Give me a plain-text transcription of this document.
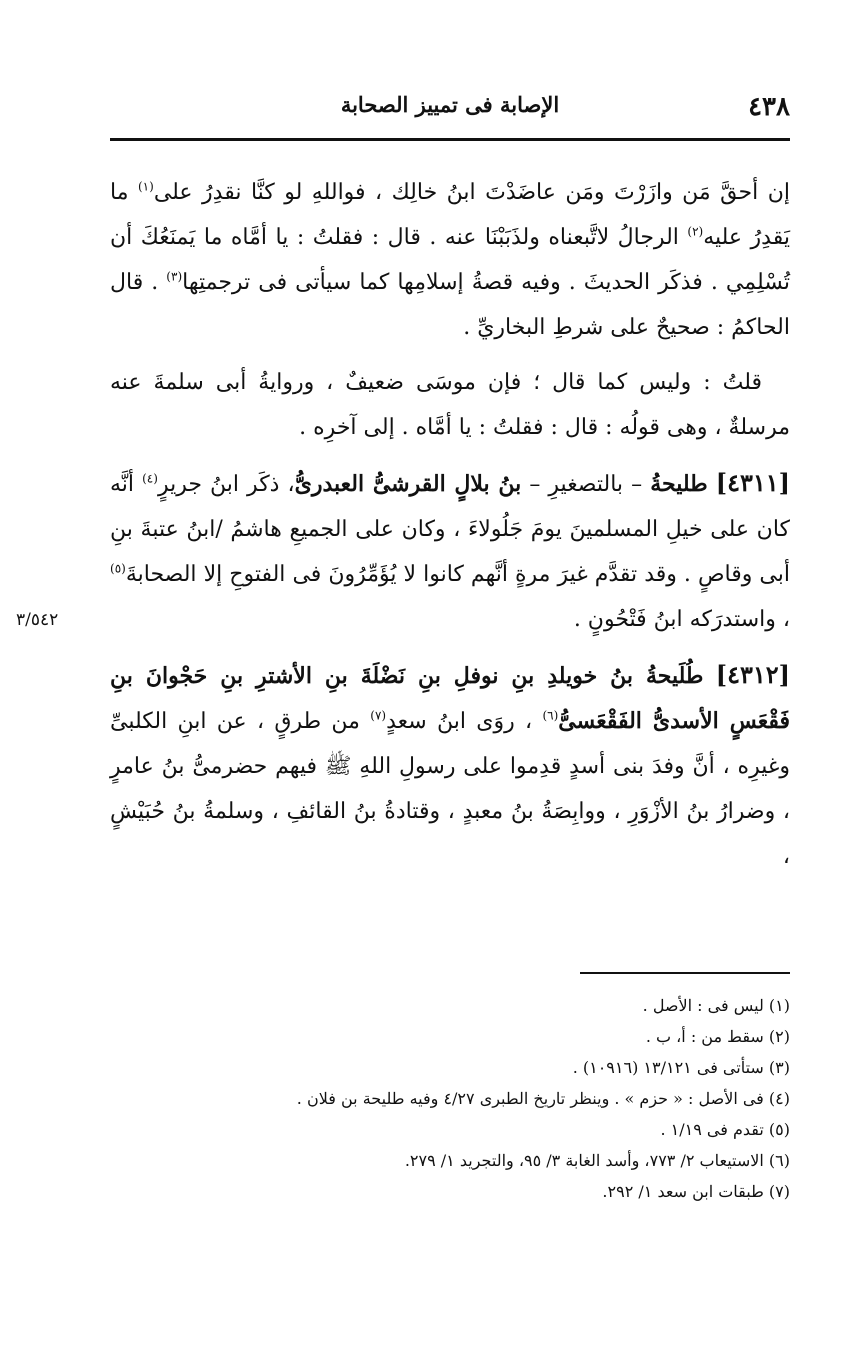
٤٣٨
الإصابة فى تمييز الصحابة

إن أحقَّ مَن وازَرْتَ ومَن عاضَدْتَ ابنُ خالِك ، فواللهِ لو كنَّا نقدِرُ على$^{(١)}$ ما يَقدِرُ عليه$^{(٢)}$ الرجالُ لاتَّبعناه ولذَبَبْنَا عنه . قال : فقلتُ : يا أمَّاه ما يَمنَعُكَ أن تُسْلِمِي . فذكَر الحديثَ . وفيه قصةُ إسلامِها كما سيأتى فى ترجمتِها$^{(٣)}$ . قال الحاكمُ : صحيحٌ على شرطِ البخاريِّ .

قلتُ : وليس كما قال ؛ فإن موسَى ضعيفٌ ، وروايةُ أبى سلمةَ عنه مرسلةٌ ، وهى قولُه : قال : فقلتُ : يا أمَّاه . إلى آخرِه .

[٤٣١١] طليحةُ – بالتصغيرِ – بنُ بلالٍ القرشىُّ العبدرىُّ، ذكَر ابنُ جريرٍ$^{(٤)}$ أنَّه كان على خيلِ المسلمينَ يومَ جَلُولاءَ ، وكان على الجميعِ هاشمُ /ابنُ عتبةَ بنِ أبى وقاصٍ . وقد تقدَّم غيرَ مرةٍ أنَّهم كانوا لا يُؤَمِّرُونَ فى الفتوحِ إلا الصحابةَ$^{(٥)}$ ، واستدرَكه ابنُ فَتْحُونٍ .

[٤٣١٢] طُلَيحةُ بنُ خويلدِ بنِ نوفلِ بنِ نَضْلَةَ بنِ الأشترِ بنِ حَجْوانَ بنِ فَقْعَسٍ الأسدىُّ الفَقْعَسىُّ$^{(٦)}$ ، روَى ابنُ سعدٍ$^{(٧)}$ من طرقٍ ، عن ابنِ الكلبىِّ وغيرِه ، أنَّ وفدَ بنى أسدٍ قدِموا على رسولِ اللهِ ﷺ فيهم حضرمىُّ بنُ عامرٍ ، وضرارُ بنُ الأزْوَرِ ، ووابِصَةُ بنُ معبدٍ ، وقتادةُ بنُ القائفِ ، وسلمةُ بنُ حُبَيْشٍ ،

٣/٥٤٢
(١) ليس فى : الأصل .
(٢) سقط من : أ، ب .
(٣) ستأتى فى ١٣/١٢١ (١٠٩١٦) .
(٤) فى الأصل : « حزم » . وينظر تاريخ الطبرى ٤/٢٧ وفيه طليحة بن فلان .
(٥) تقدم فى ١/١٩ .
(٦) الاستيعاب ٢/ ٧٧٣، وأسد الغابة ٣/ ٩٥، والتجريد ١/ ٢٧٩.
(٧) طبقات ابن سعد ١/ ٢٩٢.
